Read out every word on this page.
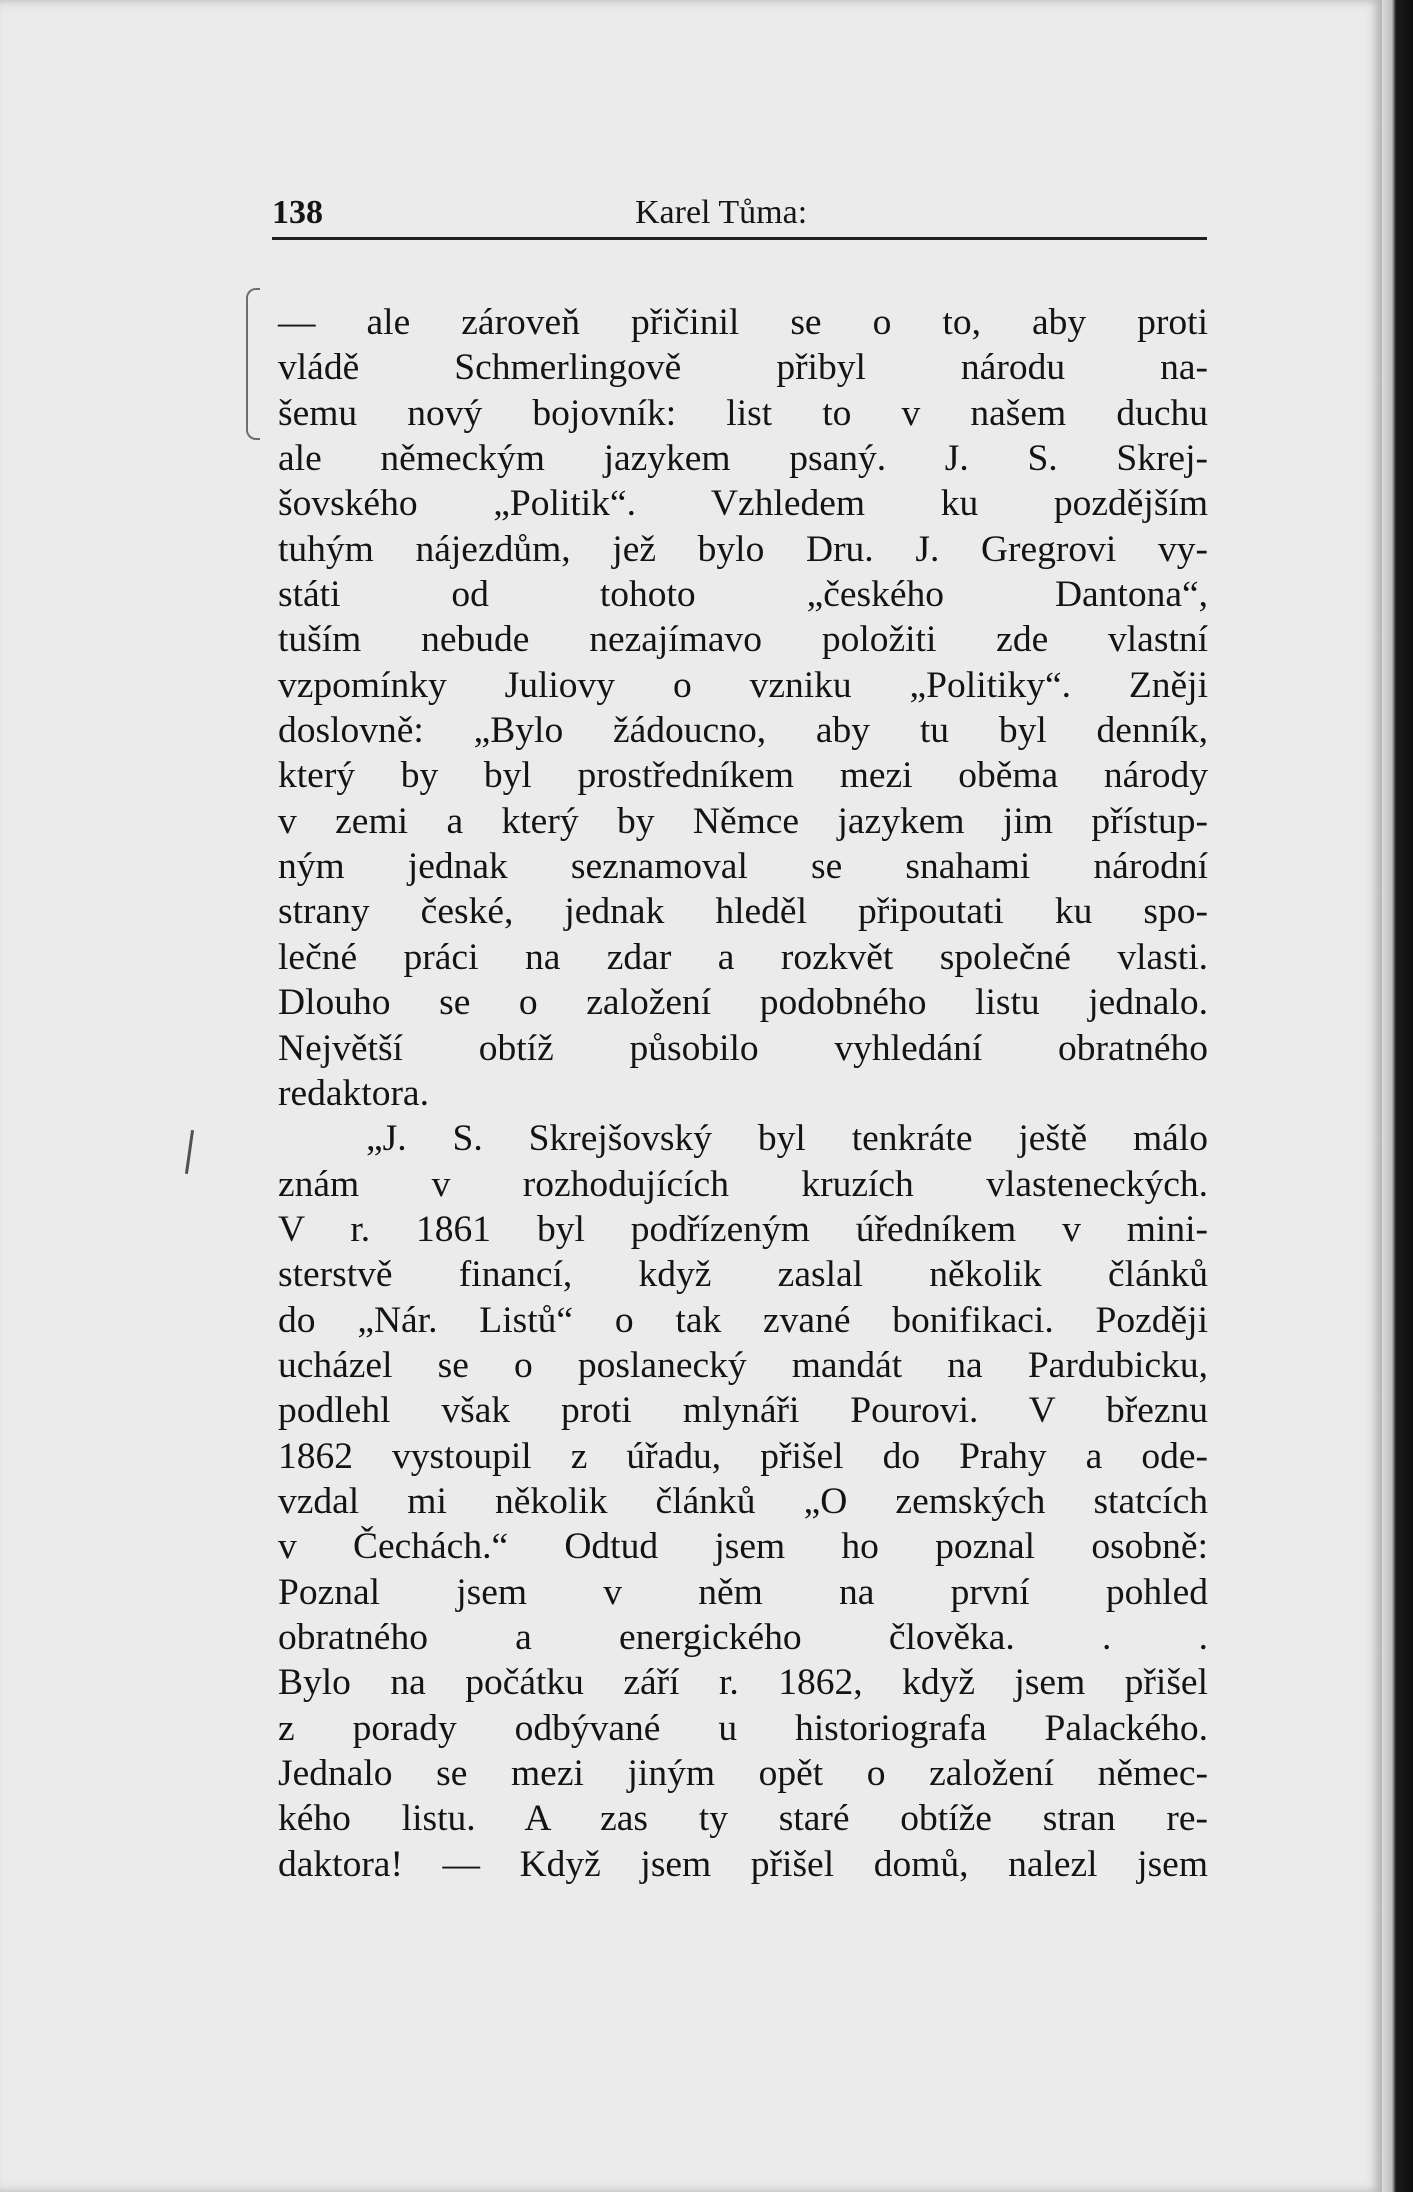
138	Karel Tůma:
— ale zároveň přičinil se o to, aby proti
vládě Schmerlingově přibyl národu na-
šemu nový bojovník: list to v našem duchu
ale německým jazykem psaný. J. S. Skrej-
šovského „Politik“. Vzhledem ku pozdějším
tuhým nájezdům, jež bylo Dru. J. Gregrovi vy-
státi od tohoto „českého Dantona“,
tuším nebude nezajímavo položiti zde vlastní
vzpomínky Juliovy o vzniku „Politiky“. Zněji
doslovně: „Bylo žádoucno, aby tu byl denník,
který by byl prostředníkem mezi oběma národy
v zemi a který by Němce jazykem jim přístup-
ným jednak seznamoval se snahami národní
strany české, jednak hleděl připoutati ku spo-
lečné práci na zdar a rozkvět společné vlasti.
Dlouho se o založení podobného listu jednalo.
Největší obtíž působilo vyhledání obratného
redaktora.
„J. S. Skrejšovský byl tenkráte ještě málo
znám v rozhodujících kruzích vlasteneckých.
V r. 1861 byl podřízeným úředníkem v mini-
sterstvě financí, když zaslal několik článků
do „Nár. Listů“ o tak zvané bonifikaci. Později
ucházel se o poslanecký mandát na Pardubicku,
podlehl však proti mlynáři Pourovi. V březnu
1862 vystoupil z úřadu, přišel do Prahy a ode-
vzdal mi několik článků „O zemských statcích
v Čechách.“ Odtud jsem ho poznal osobně:
Poznal jsem v něm na první pohled
obratného a energického člověka. . .
Bylo na počátku září r. 1862, když jsem přišel
z porady odbývané u historiografa Palackého.
Jednalo se mezi jiným opět o založení němec-
kého listu. A zas ty staré obtíže stran re-
daktora! — Když jsem přišel domů, nalezl jsem
